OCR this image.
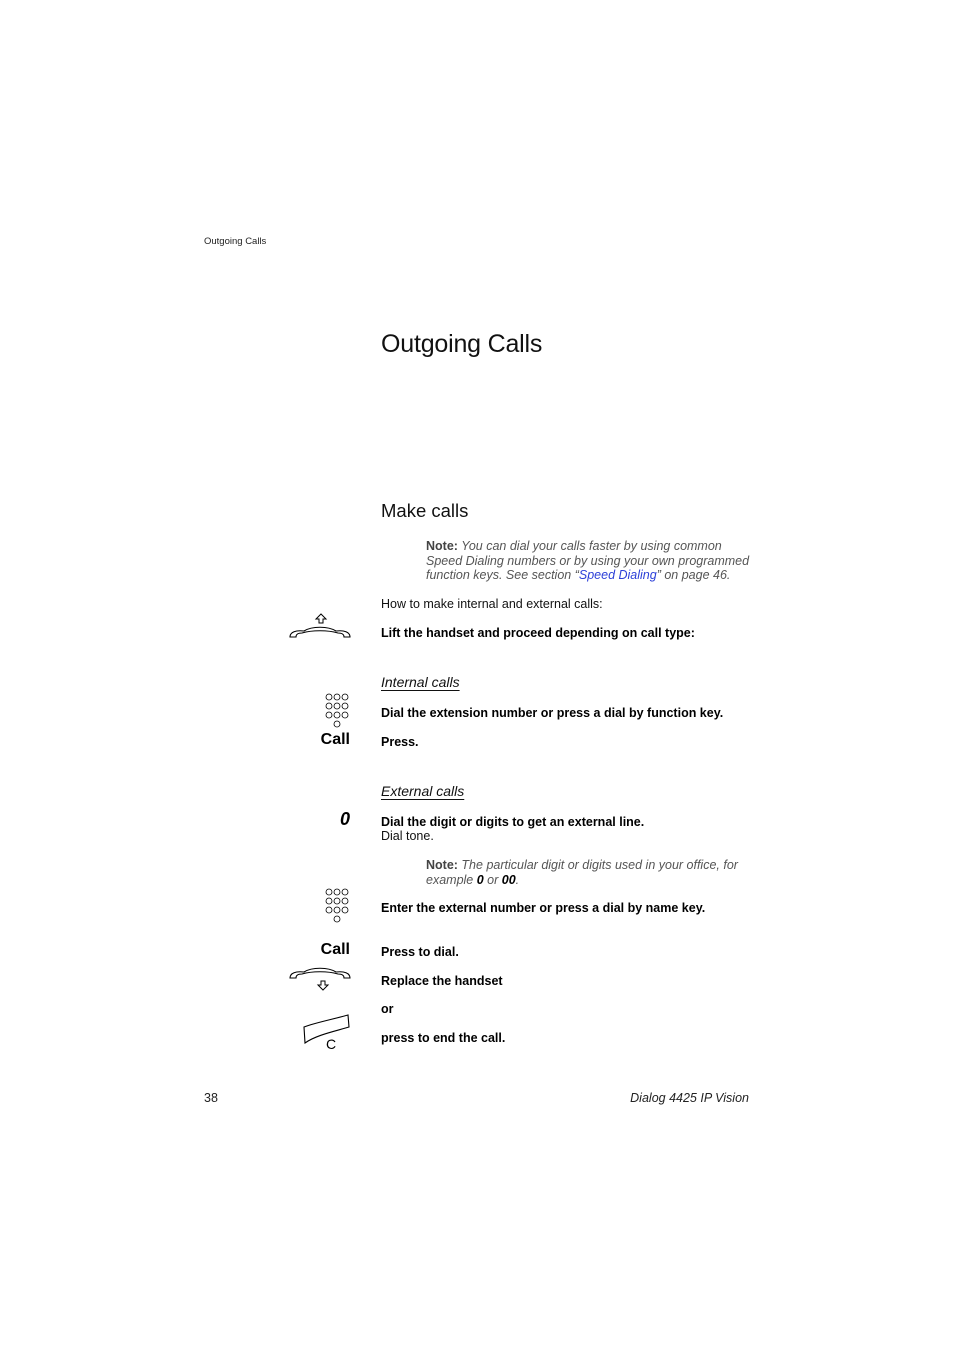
Outgoing Calls
Outgoing Calls
Make calls
Note: You can dial your calls faster by using common Speed Dialing numbers or by using your own programmed function keys. See section “Speed Dialing” on page 46.
How to make internal and external calls:
Lift the handset and proceed depending on call type:
Internal calls
Dial the extension number or press a dial by function key.
Call Press.
External calls
0 Dial the digit or digits to get an external line.
Dial tone.
Note: The particular digit or digits used in your office, for example 0 or 00.
Enter the external number or press a dial by name key.
Call Press to dial.
Replace the handset
or
C	press to end the call.
38	Dialog 4425 IP Vision
